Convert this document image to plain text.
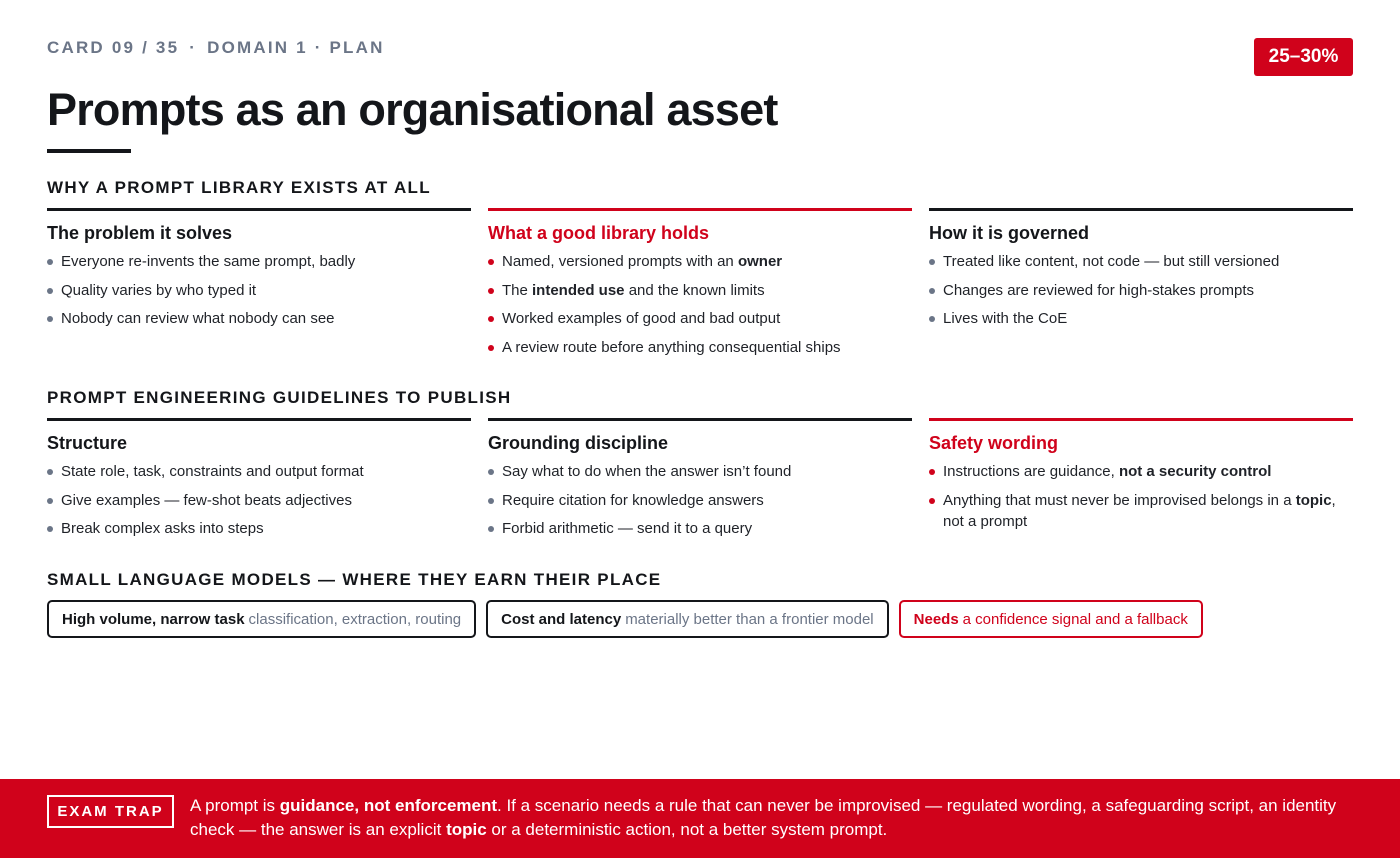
CARD 09 / 35 · DOMAIN 1 · PLAN	25–30%
Prompts as an organisational asset
WHY A PROMPT LIBRARY EXISTS AT ALL
The problem it solves
Everyone re-invents the same prompt, badly
Quality varies by who typed it
Nobody can review what nobody can see
What a good library holds
Named, versioned prompts with an owner
The intended use and the known limits
Worked examples of good and bad output
A review route before anything consequential ships
How it is governed
Treated like content, not code — but still versioned
Changes are reviewed for high-stakes prompts
Lives with the CoE
PROMPT ENGINEERING GUIDELINES TO PUBLISH
Structure
State role, task, constraints and output format
Give examples — few-shot beats adjectives
Break complex asks into steps
Grounding discipline
Say what to do when the answer isn’t found
Require citation for knowledge answers
Forbid arithmetic — send it to a query
Safety wording
Instructions are guidance, not a security control
Anything that must never be improvised belongs in a topic, not a prompt
SMALL LANGUAGE MODELS — WHERE THEY EARN THEIR PLACE
High volume, narrow task classification, extraction, routing	Cost and latency materially better than a frontier model	Needs a confidence signal and a fallback
EXAM TRAP	A prompt is guidance, not enforcement. If a scenario needs a rule that can never be improvised — regulated wording, a safeguarding script, an identity check — the answer is an explicit topic or a deterministic action, not a better system prompt.
